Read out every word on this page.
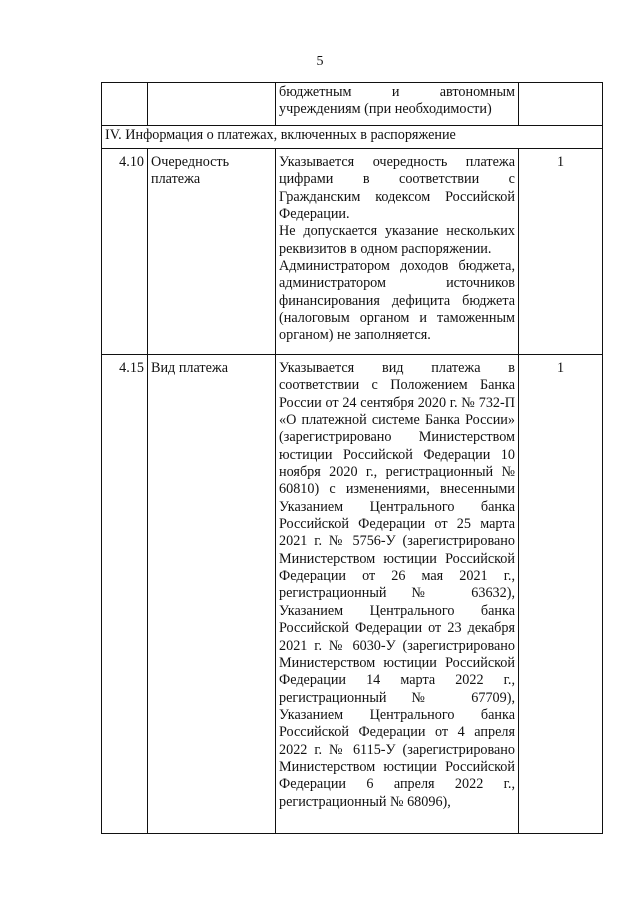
5
		бюджетным и автономным учреждениям (при необходимости)	
IV. Информация о платежах, включенных в распоряжение			
4.10	Очередность платежа	Указывается очередность платежа цифрами в соответствии с Гражданским кодексом Российской Федерации.

Не допускается указание нескольких реквизитов в одном распоряжении.

Администратором доходов бюджета, администратором источников финансирования дефицита бюджета (налоговым органом и таможенным органом) не заполняется.	1
4.15	Вид платежа	Указывается вид платежа в соответствии с Положением Банка России от 24 сентября 2020 г. № 732-П «О платежной системе Банка России» (зарегистрировано Министерством юстиции Российской Федерации 10 ноября 2020 г., регистрационный № 60810) с изменениями, внесенными Указанием Центрального банка Российской Федерации от 25 марта 2021 г. № 5756-У (зарегистрировано Министерством юстиции Российской Федерации от 26 мая 2021 г., регистрационный № 63632), Указанием Центрального банка Российской Федерации от 23 декабря 2021 г. № 6030-У (зарегистрировано Министерством юстиции Российской Федерации 14 марта 2022 г., регистрационный № 67709), Указанием Центрального банка Российской Федерации от 4 апреля 2022 г. № 6115-У (зарегистрировано Министерством юстиции Российской Федерации 6 апреля 2022 г., регистрационный № 68096),	1
